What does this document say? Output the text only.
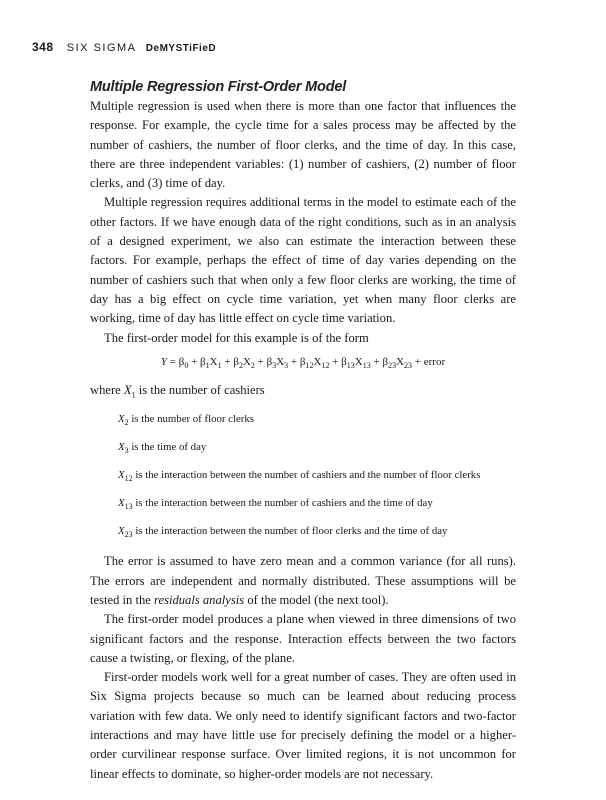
348 SIX SIGMA DeMYSTiFieD
Multiple Regression First-Order Model

Multiple regression is used when there is more than one factor that influences the response. For example, the cycle time for a sales process may be affected by the number of cashiers, the number of floor clerks, and the time of day. In this case, there are three independent variables: (1) number of cashiers, (2) number of floor clerks, and (3) time of day.

Multiple regression requires additional terms in the model to estimate each of the other factors. If we have enough data of the right conditions, such as in an analysis of a designed experiment, we also can estimate the interaction between these factors. For example, perhaps the effect of time of day varies depending on the number of cashiers such that when only a few floor clerks are working, the time of day has a big effect on cycle time variation, yet when many floor clerks are working, time of day has little effect on cycle time variation.

The first-order model for this example is of the form

$Y = \beta_0 + \beta_1X_1 + \beta_2X_2 + \beta_3X_3 + \beta_{12}X_{12} + \beta_{13}X_{13} + \beta_{23}X_{23}$ + error
where $X_1$ is the number of cashiers
$X_2$ is the number of floor clerks
$X_3$ is the time of day
$X_{12}$ is the interaction between the number of cashiers and the number of floor clerks
$X_{13}$ is the interaction between the number of cashiers and the time of day
$X_{23}$ is the interaction between the number of floor clerks and the time of day

The error is assumed to have zero mean and a common variance (for all runs). The errors are independent and normally distributed. These assumptions will be tested in the residuals analysis of the model (the next tool).

The first-order model produces a plane when viewed in three dimensions of two significant factors and the response. Interaction effects between the two factors cause a twisting, or flexing, of the plane.

First-order models work well for a great number of cases. They are often used in Six Sigma projects because so much can be learned about reducing process variation with few data. We only need to identify significant factors and two-factor interactions and may have little use for precisely defining the model or a higher-order curvilinear response surface. Over limited regions, it is not uncommon for linear effects to dominate, so higher-order models are not necessary.
